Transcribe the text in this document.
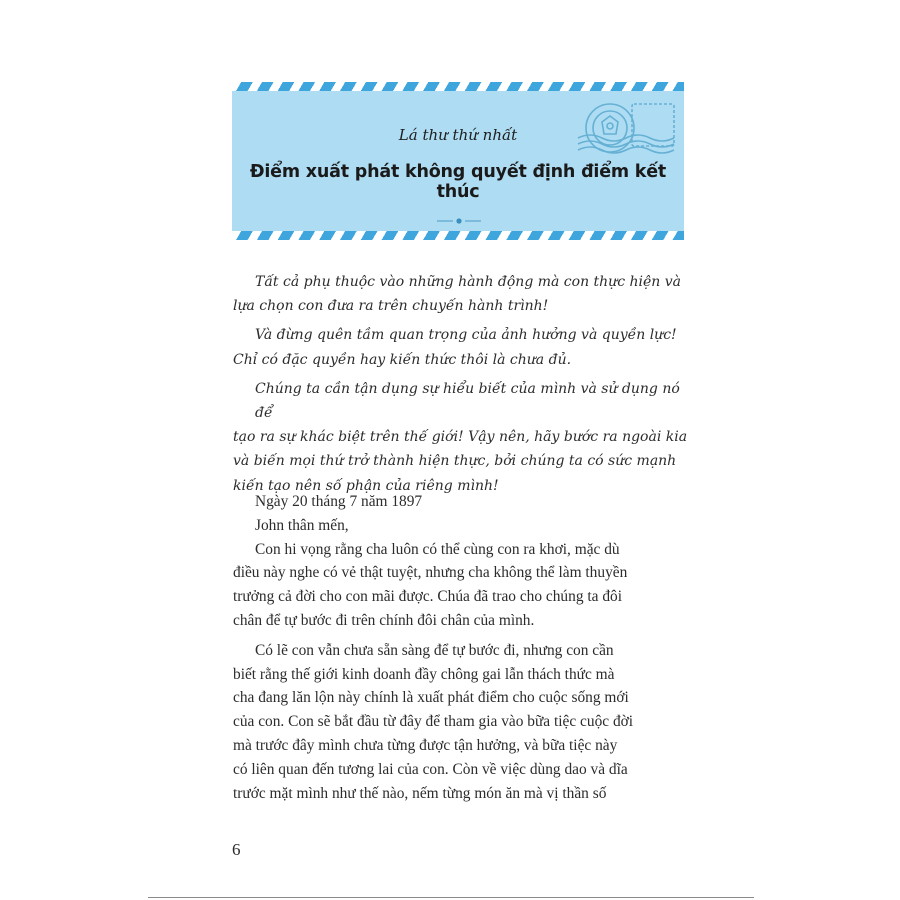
Lá thư thứ nhất
Điểm xuất phát không quyết định điểm kết thúc

Tất cả phụ thuộc vào những hành động mà con thực hiện và
lựa chọn con đưa ra trên chuyến hành trình!

Và đừng quên tầm quan trọng của ảnh hưởng và quyền lực!
Chỉ có đặc quyền hay kiến thức thôi là chưa đủ.

Chúng ta cần tận dụng sự hiểu biết của mình và sử dụng nó để
tạo ra sự khác biệt trên thế giới! Vậy nên, hãy bước ra ngoài kia
và biến mọi thứ trở thành hiện thực, bởi chúng ta có sức mạnh
kiến tạo nên số phận của riêng mình!

Ngày 20 tháng 7 năm 1897
John thân mến,
Con hi vọng rằng cha luôn có thể cùng con ra khơi, mặc dù
điều này nghe có vẻ thật tuyệt, nhưng cha không thể làm thuyền
trưởng cả đời cho con mãi được. Chúa đã trao cho chúng ta đôi
chân để tự bước đi trên chính đôi chân của mình.
Có lẽ con vẫn chưa sẵn sàng để tự bước đi, nhưng con cần
biết rằng thế giới kinh doanh đầy chông gai lẫn thách thức mà
cha đang lăn lộn này chính là xuất phát điểm cho cuộc sống mới
của con. Con sẽ bắt đầu từ đây để tham gia vào bữa tiệc cuộc đời
mà trước đây mình chưa từng được tận hưởng, và bữa tiệc này
có liên quan đến tương lai của con. Còn về việc dùng dao và dĩa
trước mặt mình như thế nào, nếm từng món ăn mà vị thần số
6
